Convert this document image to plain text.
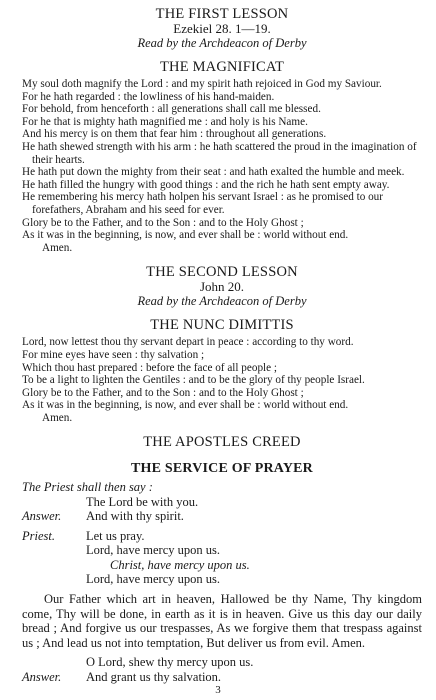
THE FIRST LESSON
Ezekiel 28. 1—19.
Read by the Archdeacon of Derby
THE MAGNIFICAT
My soul doth magnify the Lord : and my spirit hath rejoiced in God my Saviour.
For he hath regarded : the lowliness of his hand-maiden.
For behold, from henceforth : all generations shall call me blessed.
For he that is mighty hath magnified me : and holy is his Name.
And his mercy is on them that fear him : throughout all generations.
He hath shewed strength with his arm : he hath scattered the proud in the imagination of their hearts.
He hath put down the mighty from their seat : and hath exalted the humble and meek.
He hath filled the hungry with good things : and the rich he hath sent empty away.
He remembering his mercy hath holpen his servant Israel : as he promised to our forefathers, Abraham and his seed for ever.
Glory be to the Father, and to the Son : and to the Holy Ghost ;
As it was in the beginning, is now, and ever shall be : world without end.
Amen.
THE SECOND LESSON
John 20.
Read by the Archdeacon of Derby
THE NUNC DIMITTIS
Lord, now lettest thou thy servant depart in peace : according to thy word.
For mine eyes have seen : thy salvation ;
Which thou hast prepared : before the face of all people ;
To be a light to lighten the Gentiles : and to be the glory of thy people Israel.
Glory be to the Father, and to the Son : and to the Holy Ghost ;
As it was in the beginning, is now, and ever shall be : world without end.
Amen.
THE APOSTLES CREED
THE SERVICE OF PRAYER
The Priest shall then say :
The Lord be with you.
Answer.	And with thy spirit.
Priest.	Let us pray.
Lord, have mercy upon us.
Christ, have mercy upon us.
Lord, have mercy upon us.

Our Father which art in heaven, Hallowed be thy Name, Thy kingdom come, Thy will be done, in earth as it is in heaven. Give us this day our daily bread ; And forgive us our trespasses, As we forgive them that trespass against us ; And lead us not into temptation, But deliver us from evil. Amen.

O Lord, shew thy mercy upon us.
Answer.	And grant us thy salvation.
3
